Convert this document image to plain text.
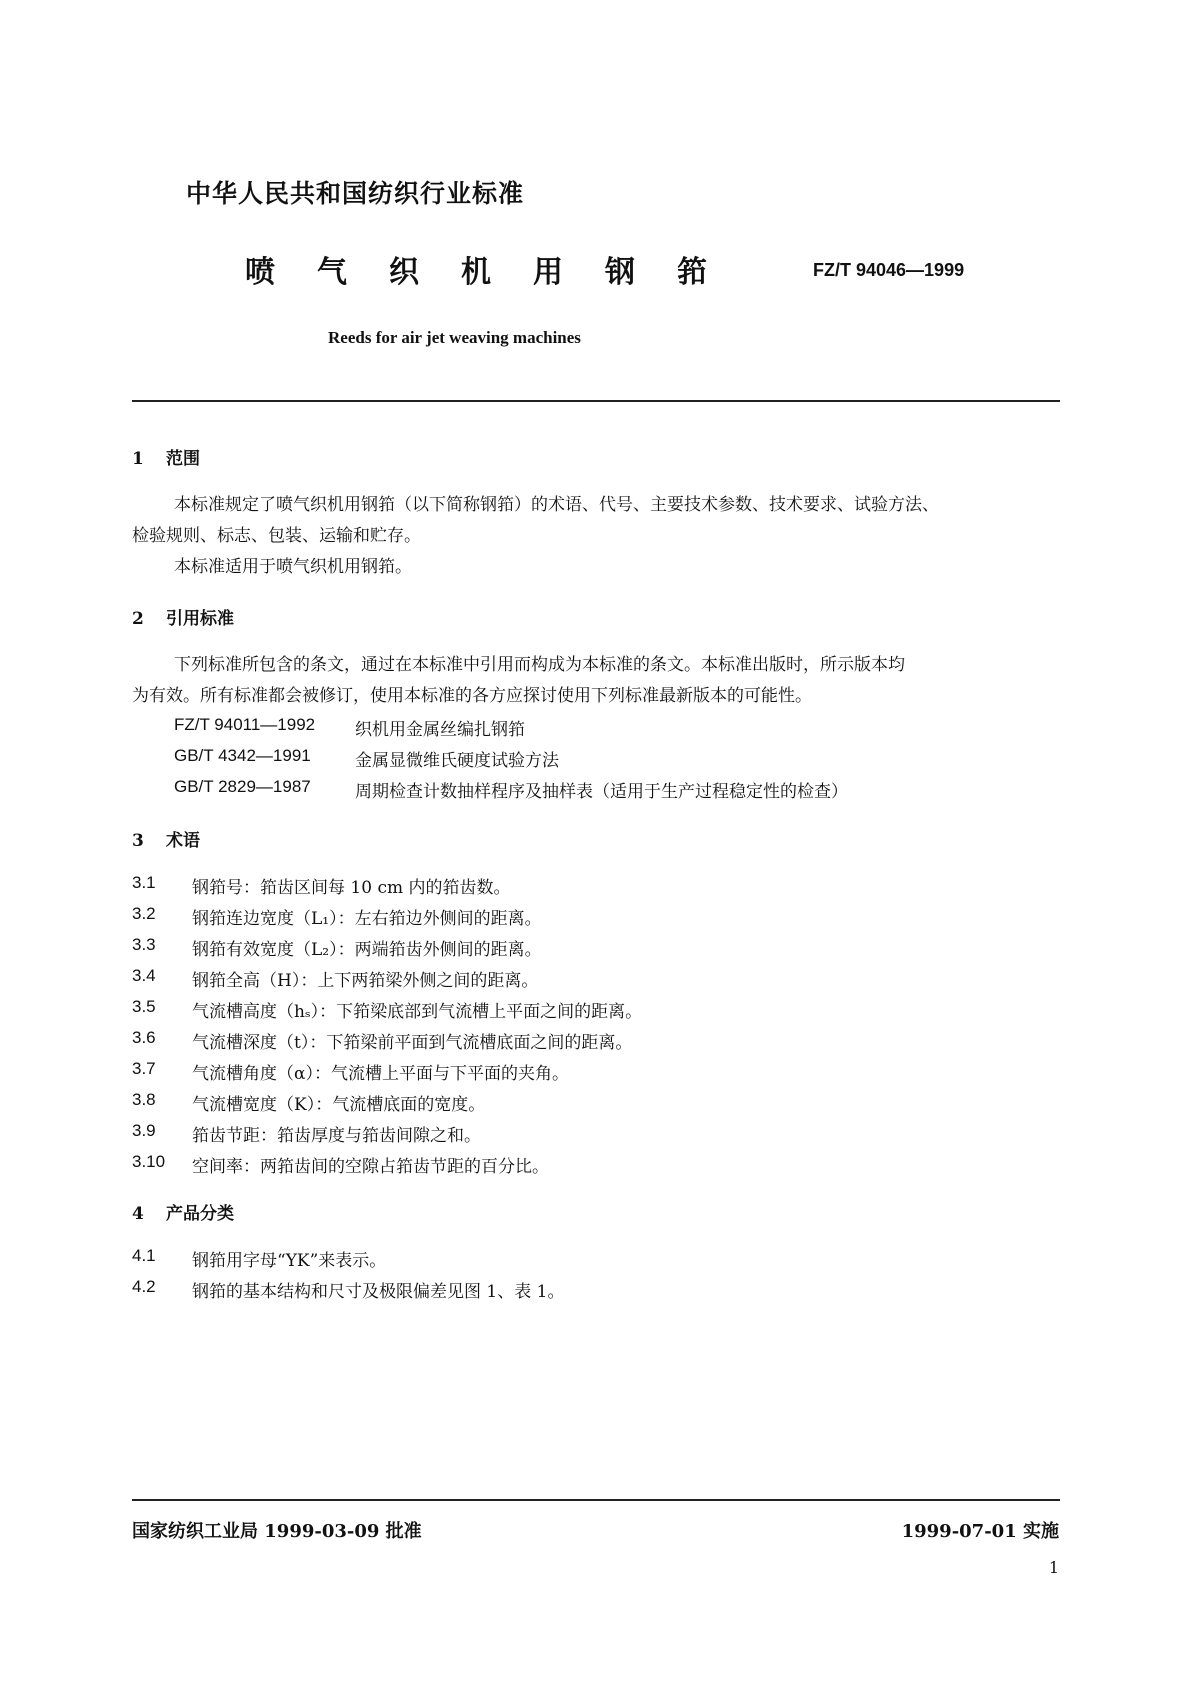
中华人民共和国纺织行业标准
喷 气 织 机 用 钢 筘	FZ/T 94046—1999
Reeds for air jet weaving machines
1 范围
本标准规定了喷气织机用钢筘（以下简称钢筘）的术语、代号、主要技术参数、技术要求、试验方法、
检验规则、标志、包装、运输和贮存。
本标准适用于喷气织机用钢筘。
2 引用标准
下列标准所包含的条文，通过在本标准中引用而构成为本标准的条文。本标准出版时，所示版本均
为有效。所有标准都会被修订，使用本标准的各方应探讨使用下列标准最新版本的可能性。
FZ/T 94011—1992	织机用金属丝编扎钢筘
GB/T 4342—1991	金属显微维氏硬度试验方法
GB/T 2829—1987	周期检查计数抽样程序及抽样表（适用于生产过程稳定性的检查）
3 术语
3.1	钢筘号：筘齿区间每 10 cm 内的筘齿数。
3.2	钢筘连边宽度（L₁）：左右筘边外侧间的距离。
3.3	钢筘有效宽度（L₂）：两端筘齿外侧间的距离。
3.4	钢筘全高（H）：上下两筘梁外侧之间的距离。
3.5	气流槽高度（hₛ）：下筘梁底部到气流槽上平面之间的距离。
3.6	气流槽深度（t）：下筘梁前平面到气流槽底面之间的距离。
3.7	气流槽角度（α）：气流槽上平面与下平面的夹角。
3.8	气流槽宽度（K）：气流槽底面的宽度。
3.9	筘齿节距：筘齿厚度与筘齿间隙之和。
3.10	空间率：两筘齿间的空隙占筘齿节距的百分比。
4 产品分类
4.1	钢筘用字母“YK”来表示。
4.2	钢筘的基本结构和尺寸及极限偏差见图 1、表 1。
国家纺织工业局 1999-03-09 批准	1999-07-01 实施
1
